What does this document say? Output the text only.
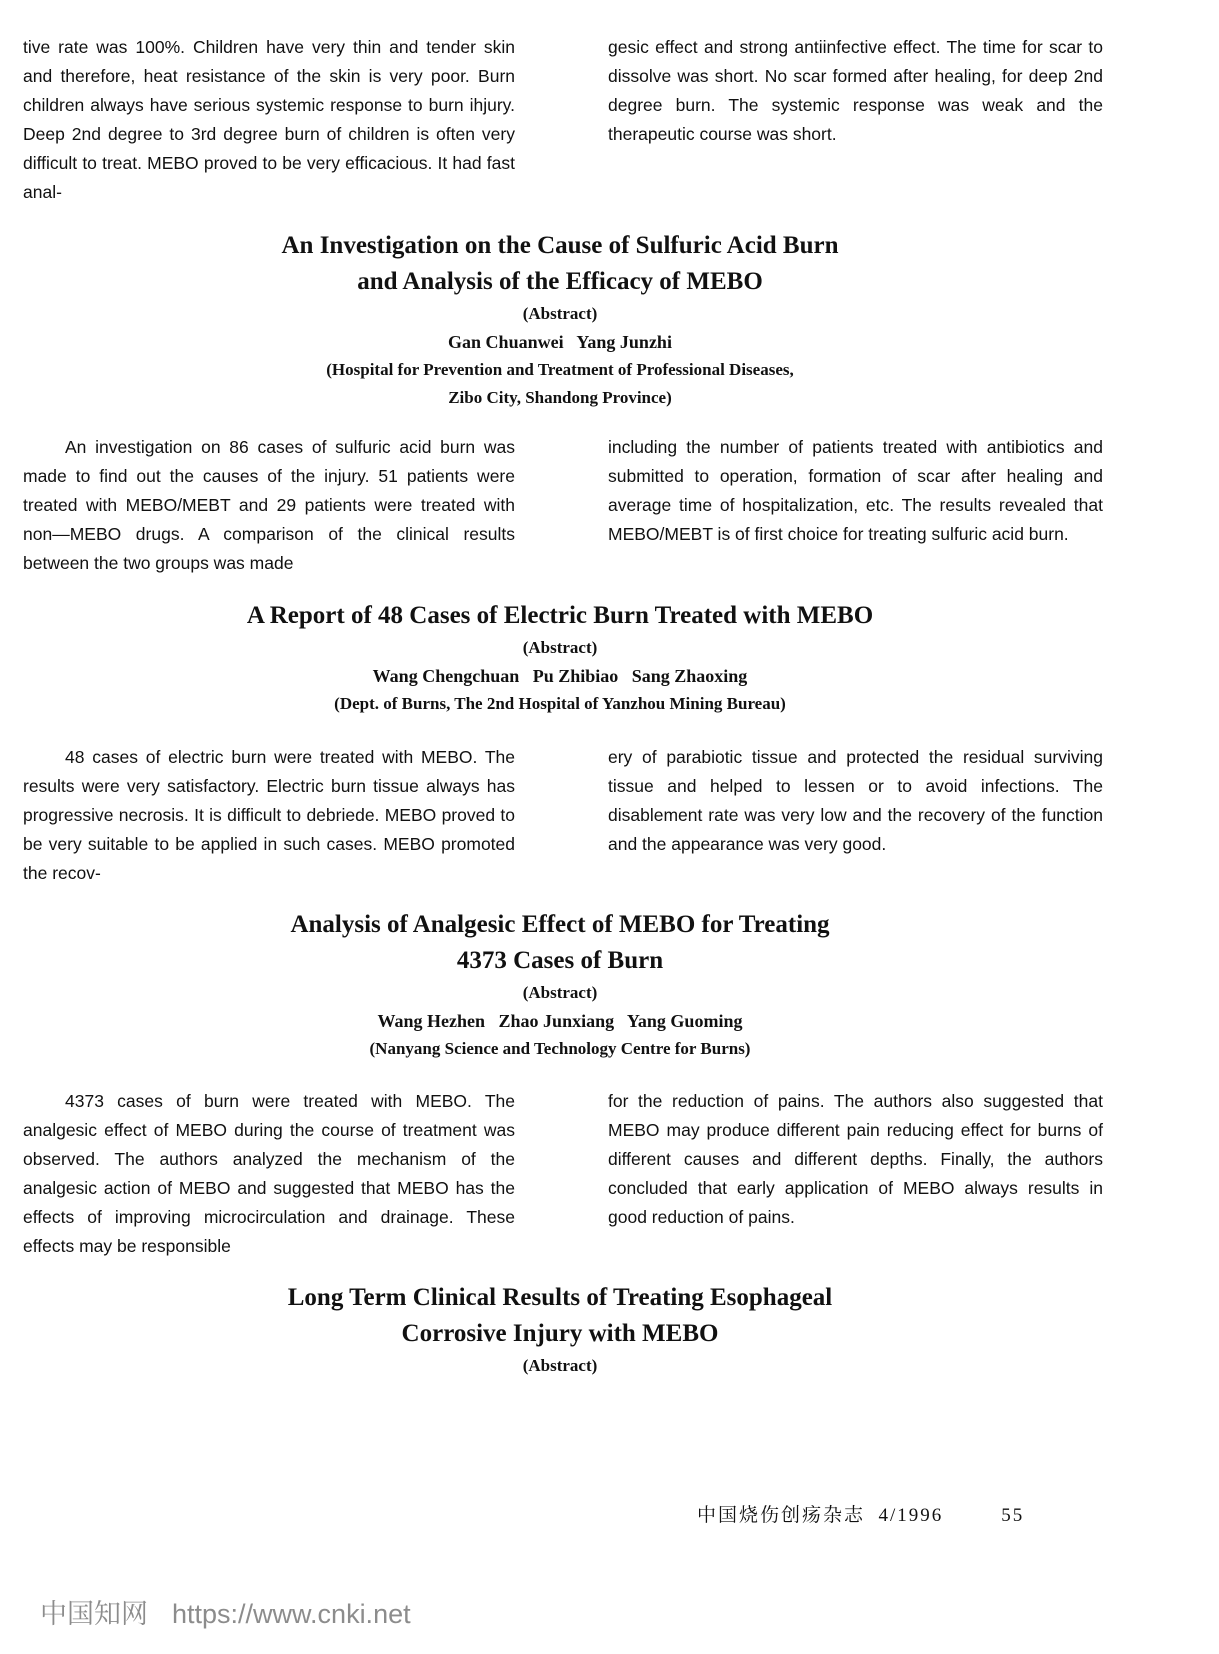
tive rate was 100%. Children have very thin and tender skin and therefore, heat resistance of the skin is very poor. Burn children always have serious systemic response to burn ihjury. Deep 2nd degree to 3rd degree burn of children is often very difficult to treat. MEBO proved to be very efficacious. It had fast anal-

gesic effect and strong antiinfective effect. The time for scar to dissolve was short. No scar formed after healing, for deep 2nd degree burn. The systemic response was weak and the therapeutic course was short.

An Investigation on the Cause of Sulfuric Acid Burn
and Analysis of the Efficacy of MEBO
(Abstract)
Gan Chuanwei   Yang Junzhi
(Hospital for Prevention and Treatment of Professional Diseases,
Zibo City, Shandong Province)

An investigation on 86 cases of sulfuric acid burn was made to find out the causes of the injury. 51 patients were treated with MEBO/MEBT and 29 patients were treated with non—MEBO drugs. A comparison of the clinical results between the two groups was made

including the number of patients treated with antibiotics and submitted to operation, formation of scar after healing and average time of hospitalization, etc. The results revealed that MEBO/MEBT is of first choice for treating sulfuric acid burn.

A Report of 48 Cases of Electric Burn Treated with MEBO
(Abstract)
Wang Chengchuan   Pu Zhibiao   Sang Zhaoxing
(Dept. of Burns, The 2nd Hospital of Yanzhou Mining Bureau)

48 cases of electric burn were treated with MEBO. The results were very satisfactory. Electric burn tissue always has progressive necrosis. It is difficult to debriede. MEBO proved to be very suitable to be applied in such cases. MEBO promoted the recov-

ery of parabiotic tissue and protected the residual surviving tissue and helped to lessen or to avoid infections. The disablement rate was very low and the recovery of the function and the appearance was very good.

Analysis of Analgesic Effect of MEBO for Treating
4373 Cases of Burn
(Abstract)
Wang Hezhen   Zhao Junxiang   Yang Guoming
(Nanyang Science and Technology Centre for Burns)

4373 cases of burn were treated with MEBO. The analgesic effect of MEBO during the course of treatment was observed. The authors analyzed the mechanism of the analgesic action of MEBO and suggested that MEBO has the effects of improving microcirculation and drainage. These effects may be responsible

for the reduction of pains. The authors also suggested that MEBO may produce different pain reducing effect for burns of different causes and different depths. Finally, the authors concluded that early application of MEBO always results in good reduction of pains.

Long Term Clinical Results of Treating Esophageal
Corrosive Injury with MEBO
(Abstract)
中国烧伤创疡杂志  4/1996	55
中国知网 https://www.cnki.net
